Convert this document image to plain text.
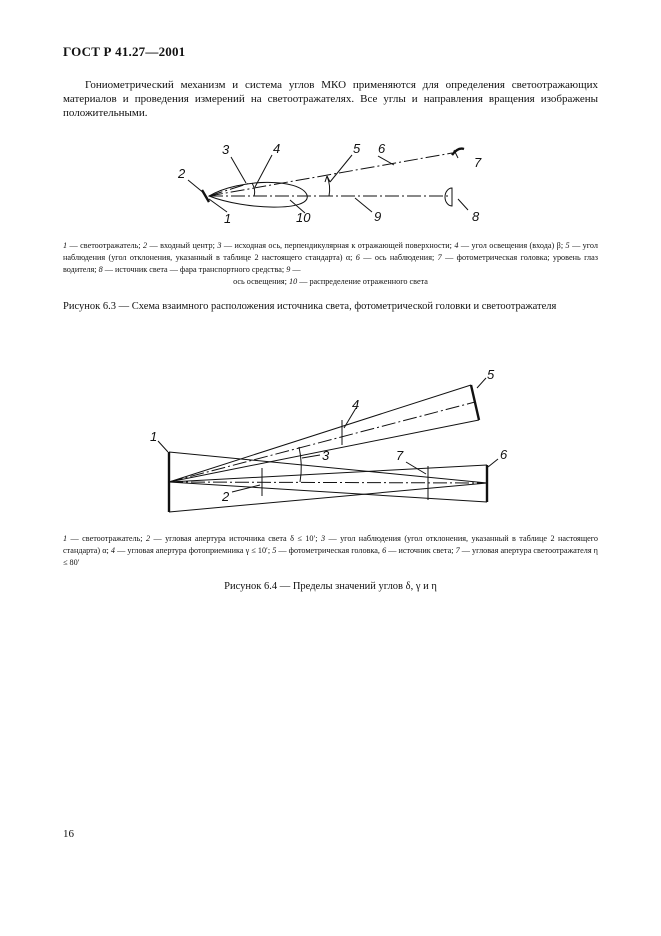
ГОСТ Р 41.27—2001

Гониометрический механизм и система углов МКО применяются для определения светоотражающих материалов и проведения измерений на светоотражателях. Все углы и направления вращения изображены положительными.

1
2
3	4	5 6
7
8
9
10
1 — светоотражатель; 2 — входный центр; 3 — исходная ось, перпендикулярная к отражающей поверхности; 4 — угол освещения (входа) β; 5 — угол наблюдения (угол отклонения, указанный в таблице 2 настоящего стандарта) α; 6 — ось наблюдения; 7 — фотометрическая головка; уровень глаз водителя; 8 — источник света — фара транспортного средства; 9 —
ось освещения; 10 — распределение отраженного света
Рисунок 6.3 — Схема взаимного расположения источника света, фотометрической головки и светоотражателя
1
2
3
4
5
6
7
1 — светоотражатель; 2 — угловая апертура источника света δ ≤ 10′; 3 — угол наблюдения (угол отклонения, указанный в таблице 2 настоящего стандарта) α; 4 — угловая апертура фотоприемника γ ≤ 10′; 5 — фотометрическая головка, 6 — источник света; 7 — угловая апертура светоотражателя η ≤ 80′
Рисунок 6.4 — Пределы значений углов δ, γ и η
16
